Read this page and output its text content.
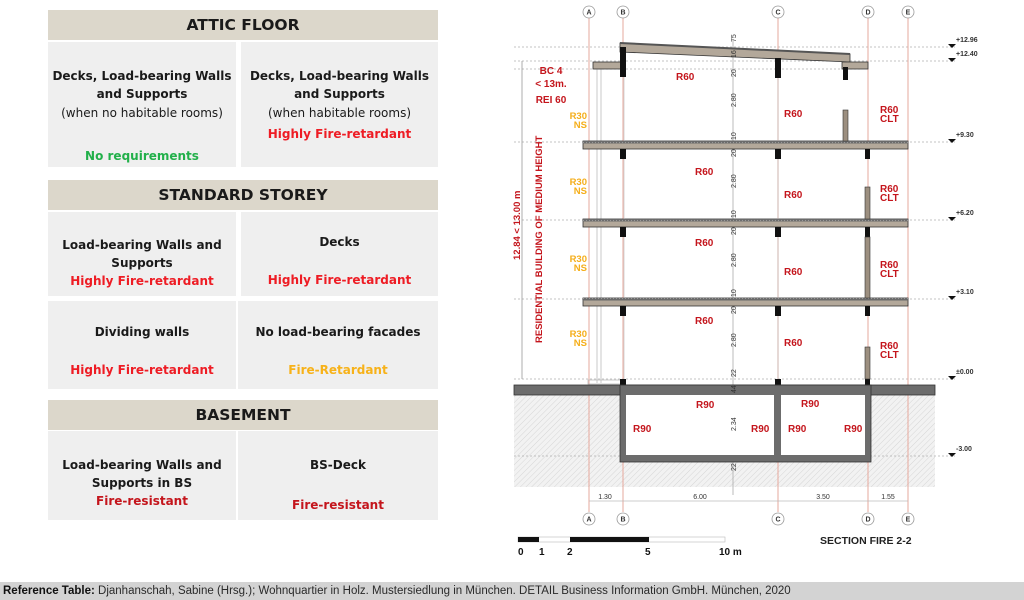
ATTIC FLOOR
Decks, Load-bearing Walls
and Supports
(when no habitable rooms)
No requirements
Decks, Load-bearing Walls
and Supports
(when habitable rooms)
Highly Fire-retardant
STANDARD STOREY
Load-bearing Walls and
Supports
Highly Fire-retardant
Decks
Highly Fire-retardant
Dividing walls
Highly Fire-retardant
No load-bearing facades
Fire-Retardant
BASEMENT
Load-bearing Walls and
Supports in BS
Fire-resistant
BS-Deck
Fire-resistant
A	B	C	D	E
A	B	C	D	E
1.30	6.00	3.50	1.55
+12.96
+12.40
+9.30
+6.20
+3.10
±0.00
-3.00
75
16
20
2.80
10
20
2.80
10
20
2.80
10
20
2.80
22
44
2.34
22
12.84 < 13.00 m RESIDENTIAL BUILDING OF MEDIUM HEIGHT
BC 4
< 13m.
REI 60
R30
NS
R30
NS
R30
NS
R30
NS
R60
R60
R60
R60
R60
R60
R60
R60
R60
CLT
R60
CLT
R60
CLT
R60
CLT
R90	R90
R90	R90 R90	R90
0 1 2	5	10 m
SECTION FIRE 2-2
Reference Table: Djanhanschah, Sabine (Hrsg.); Wohnquartier in Holz. Mustersiedlung in München. DETAIL Business Information GmbH. München, 2020
